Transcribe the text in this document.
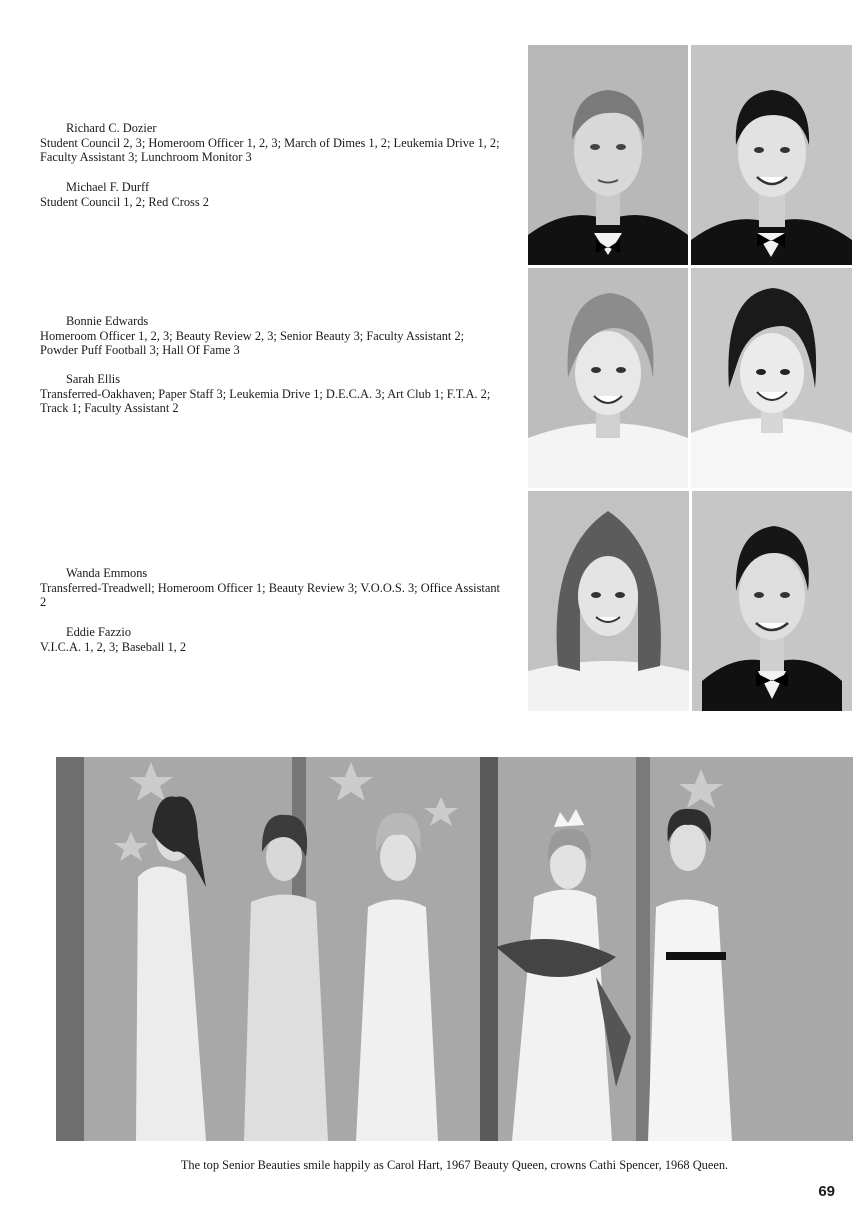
Richard C. Dozier
Student Council 2, 3; Homeroom Officer 1, 2, 3; March of Dimes 1, 2; Leukemia Drive 1, 2; Faculty Assistant 3; Lunchroom Monitor 3
Michael F. Durff
Student Council 1, 2; Red Cross 2
Bonnie Edwards
Homeroom Officer 1, 2, 3; Beauty Review 2, 3; Senior Beauty 3; Faculty Assistant 2; Powder Puff Football 3; Hall Of Fame 3
Sarah Ellis
Transferred-Oakhaven; Paper Staff 3; Leukemia Drive 1; D.E.C.A. 3; Art Club 1; F.T.A. 2; Track 1; Faculty Assistant 2
Wanda Emmons
Transferred-Treadwell; Homeroom Officer 1; Beauty Review 3; V.O.O.S. 3; Office Assistant 2
Eddie Fazzio
V.I.C.A. 1, 2, 3; Baseball 1, 2
The top Senior Beauties smile happily as Carol Hart, 1967 Beauty Queen, crowns Cathi Spencer, 1968 Queen.
69
